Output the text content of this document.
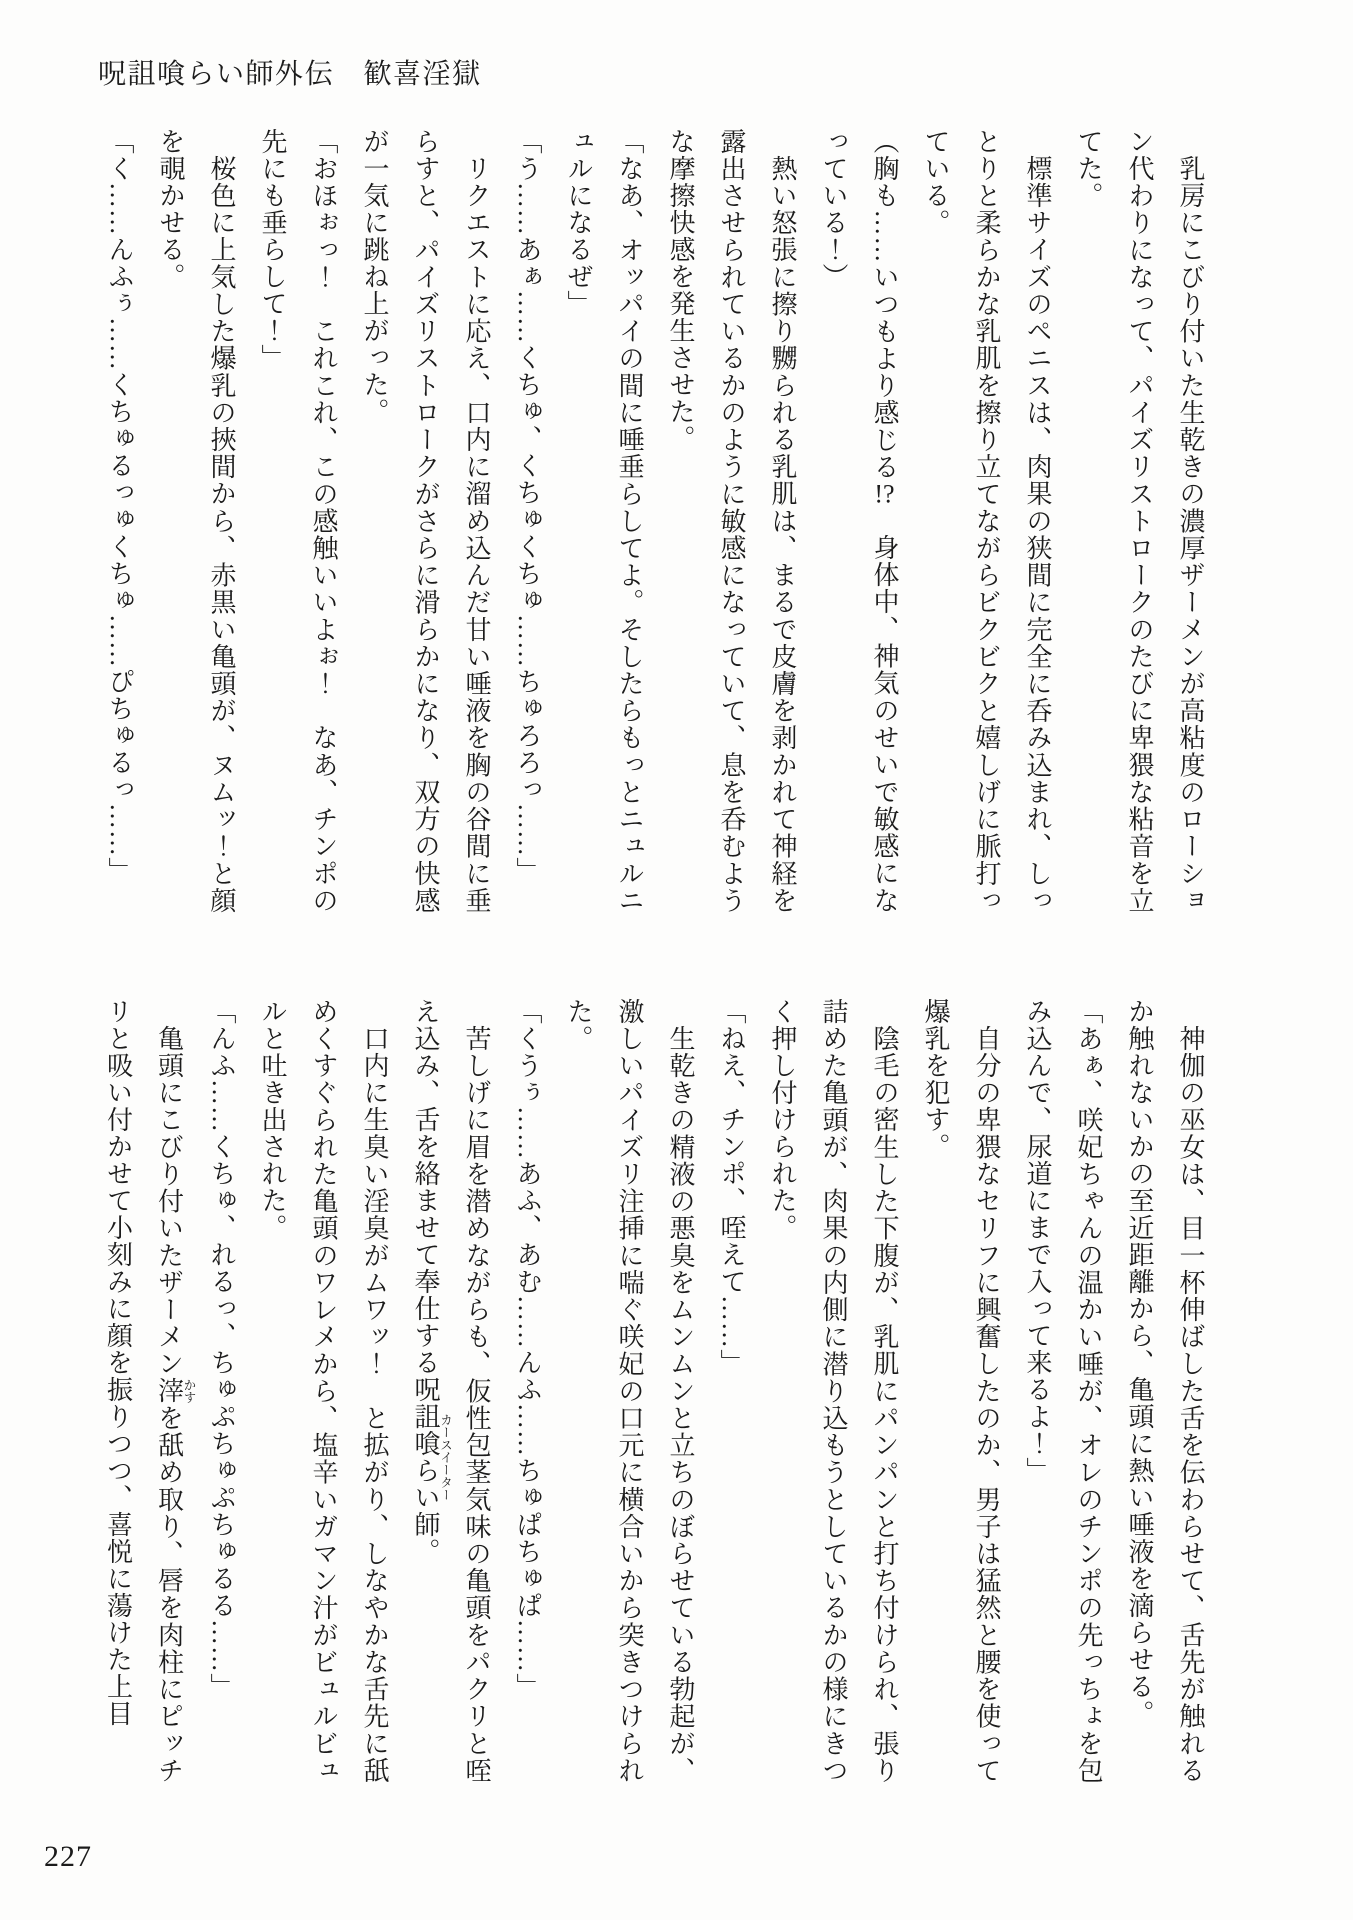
呪詛喰らい師外伝　歓喜淫獄

乳房にこびり付いた生乾きの濃厚ザーメンが高粘度のローション代わりになって、パイズリストロークのたびに卑猥な粘音を立てた。

標準サイズのペニスは、肉果の狭間に完全に呑み込まれ、しっとりと柔らかな乳肌を擦り立てながらビクビクと嬉しげに脈打っている。

（胸も……いつもより感じる!?　身体中、神気のせいで敏感になっている！）

熱い怒張に擦り嬲られる乳肌は、まるで皮膚を剥かれて神経を露出させられているかのように敏感になっていて、息を呑むような摩擦快感を発生させた。

「なあ、オッパイの間に唾垂らしてよ。そしたらもっとニュルニュルになるぜ」

「う……あぁ……くちゅ、くちゅくちゅ……ちゅろろっ……」

リクエストに応え、口内に溜め込んだ甘い唾液を胸の谷間に垂らすと、パイズリストロークがさらに滑らかになり、双方の快感が一気に跳ね上がった。

「おほぉっ！　これこれ、この感触いいよぉ！　なあ、チンポの先にも垂らして！」

桜色に上気した爆乳の挾間から、赤黒い亀頭が、ヌムッ！と顔を覗かせる。

「く……んふぅ……くちゅるっゅくちゅ……ぴちゅるっ……」

神伽の巫女は、目一杯伸ばした舌を伝わらせて、舌先が触れるか触れないかの至近距離から、亀頭に熱い唾液を滴らせる。

「あぁ、咲妃ちゃんの温かい唾が、オレのチンポの先っちょを包み込んで、尿道にまで入って来るよ！」

自分の卑猥なセリフに興奮したのか、男子は猛然と腰を使って爆乳を犯す。

陰毛の密生した下腹が、乳肌にパンパンと打ち付けられ、張り詰めた亀頭が、肉果の内側に潜り込もうとしているかの様にきつく押し付けられた。

「ねえ、チンポ、咥えて……」

生乾きの精液の悪臭をムンムンと立ちのぼらせている勃起が、激しいパイズリ注挿に喘ぐ咲妃の口元に横合いから突きつけられた。

「くうぅ……あふ、あむ……んふ……ちゅぱちゅぱ……」

苦しげに眉を潜めながらも、仮性包茎気味の亀頭をパクリと咥え込み、舌を絡ませて奉仕する呪詛喰らい師カースイーター。

口内に生臭い淫臭がムワッ！　と拡がり、しなやかな舌先に舐めくすぐられた亀頭のワレメから、塩辛いガマン汁がビュルビュルと吐き出された。

「んふ……くちゅ、れるっ、ちゅぷちゅぷちゅるる……」

亀頭にこびり付いたザーメン滓かすを舐め取り、唇を肉柱にピッチリと吸い付かせて小刻みに顔を振りつつ、喜悦に蕩けた上目

227
